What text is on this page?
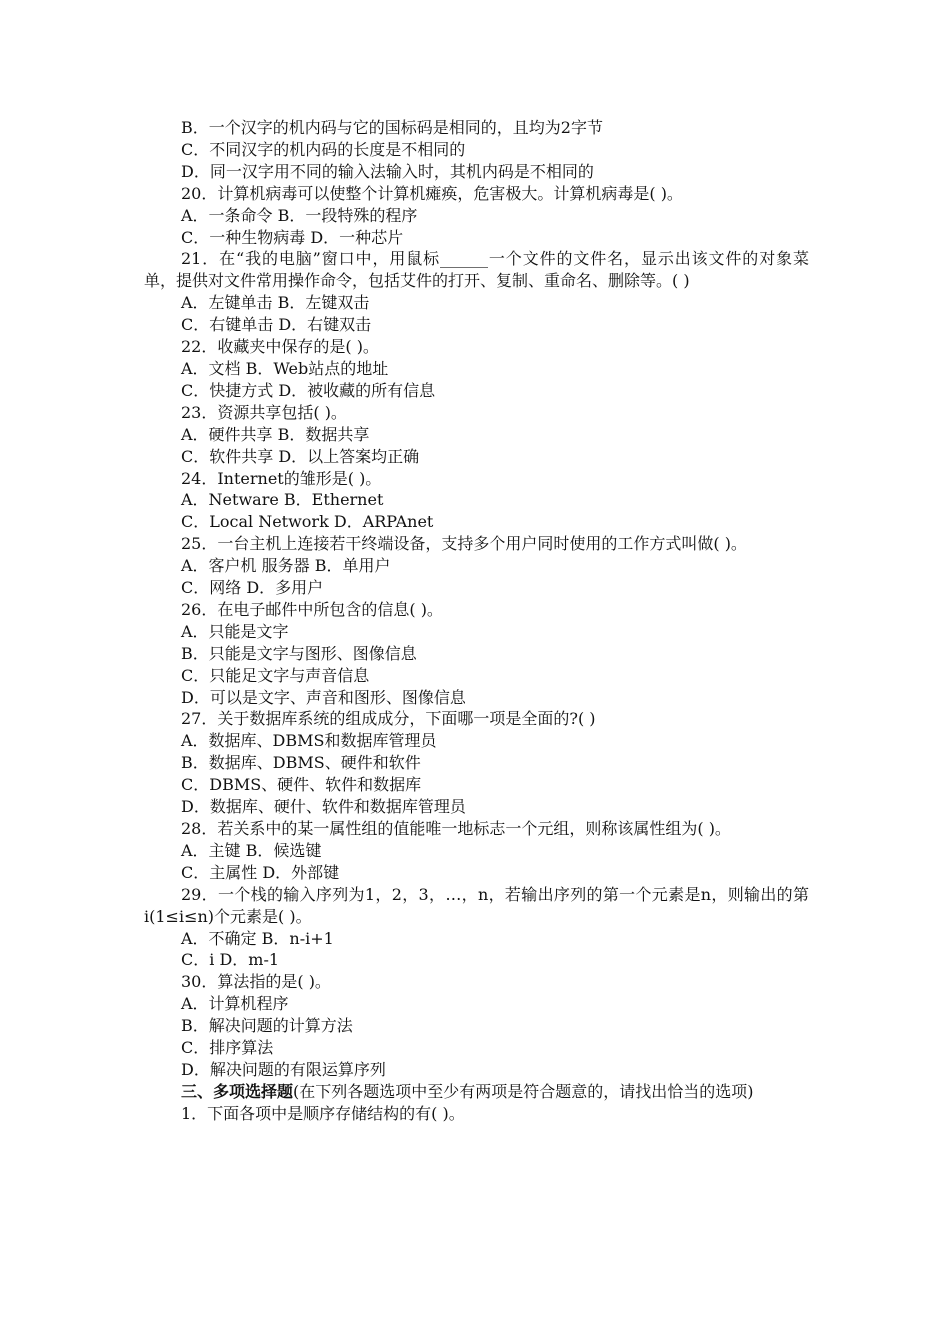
B．一个汉字的机内码与它的国标码是相同的，且均为2字节
C．不同汉字的机内码的长度是不相同的
D．同一汉字用不同的输入法输入时，其机内码是不相同的
20．计算机病毒可以使整个计算机瘫痪，危害极大。计算机病毒是( )。
A．一条命令 B．一段特殊的程序
C．一种生物病毒 D．一种芯片
21．在“我的电脑”窗口中，用鼠标______一个文件的文件名，显示出该文件的对象菜单，提供对文件常用操作命令，包括艾件的打开、复制、重命名、删除等。( )
A．左键单击 B．左键双击
C．右键单击 D．右键双击
22．收藏夹中保存的是( )。
A．文档 B．Web站点的地址
C．快捷方式 D．被收藏的所有信息
23．资源共享包括( )。
A．硬件共享 B．数据共享
C．软件共享 D．以上答案均正确
24．Internet的雏形是( )。
A．Netware B．Ethernet
C．Local Network D．ARPAnet
25．一台主机上连接若干终端设备，支持多个用户同时使用的工作方式叫做( )。
A．客户机 服务器 B．单用户
C．网络 D．多用户
26．在电子邮件中所包含的信息( )。
A．只能是文字
B．只能是文字与图形、图像信息
C．只能足文字与声音信息
D．可以是文字、声音和图形、图像信息
27．关于数据库系统的组成成分，下面哪一项是全面的?( )
A．数据库、DBMS和数据库管理员
B．数据库、DBMS、硬件和软件
C．DBMS、硬件、软件和数据库
D．数据库、硬什、软件和数据库管理员
28．若关系中的某一属性组的值能唯一地标志一个元组，则称该属性组为( )。
A．主键 B．候选键
C．主属性 D．外部键
29．一个栈的输入序列为1，2，3，…，n，若输出序列的第一个元素是n，则输出的第i(1≤i≤n)个元素是( )。
A．不确定 B．n-i+1
C．i D．m-1
30．算法指的是( )。
A．计算机程序
B．解决问题的计算方法
C．排序算法
D．解决问题的有限运算序列
三、多项选择题(在下列各题选项中至少有两项是符合题意的，请找出恰当的选项)
1．下面各项中是顺序存储结构的有( )。
